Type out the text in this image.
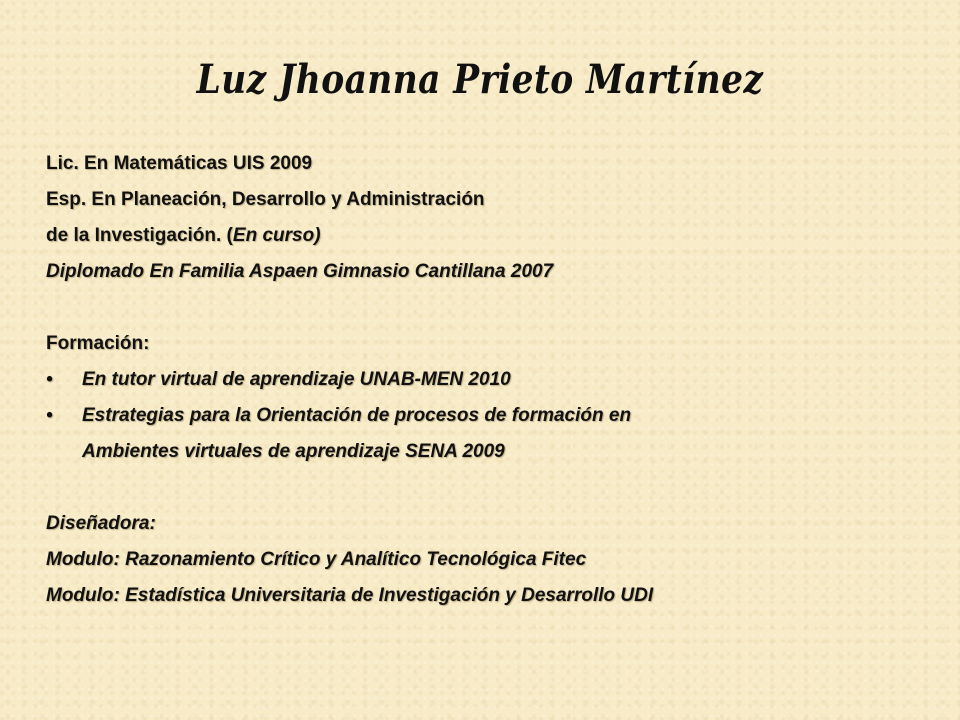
Luz Jhoanna Prieto Martínez
Lic. En Matemáticas UIS 2009
Esp. En Planeación, Desarrollo y Administración
de la Investigación. (En curso)
Diplomado En Familia Aspaen Gimnasio Cantillana 2007
Formación:
• En tutor virtual de aprendizaje UNAB-MEN 2010
• Estrategias para la Orientación de procesos de formación en
Ambientes virtuales de aprendizaje SENA 2009
Diseñadora:
Modulo: Razonamiento Crítico y Analítico Tecnológica Fitec
Modulo: Estadística Universitaria de Investigación y Desarrollo UDI
